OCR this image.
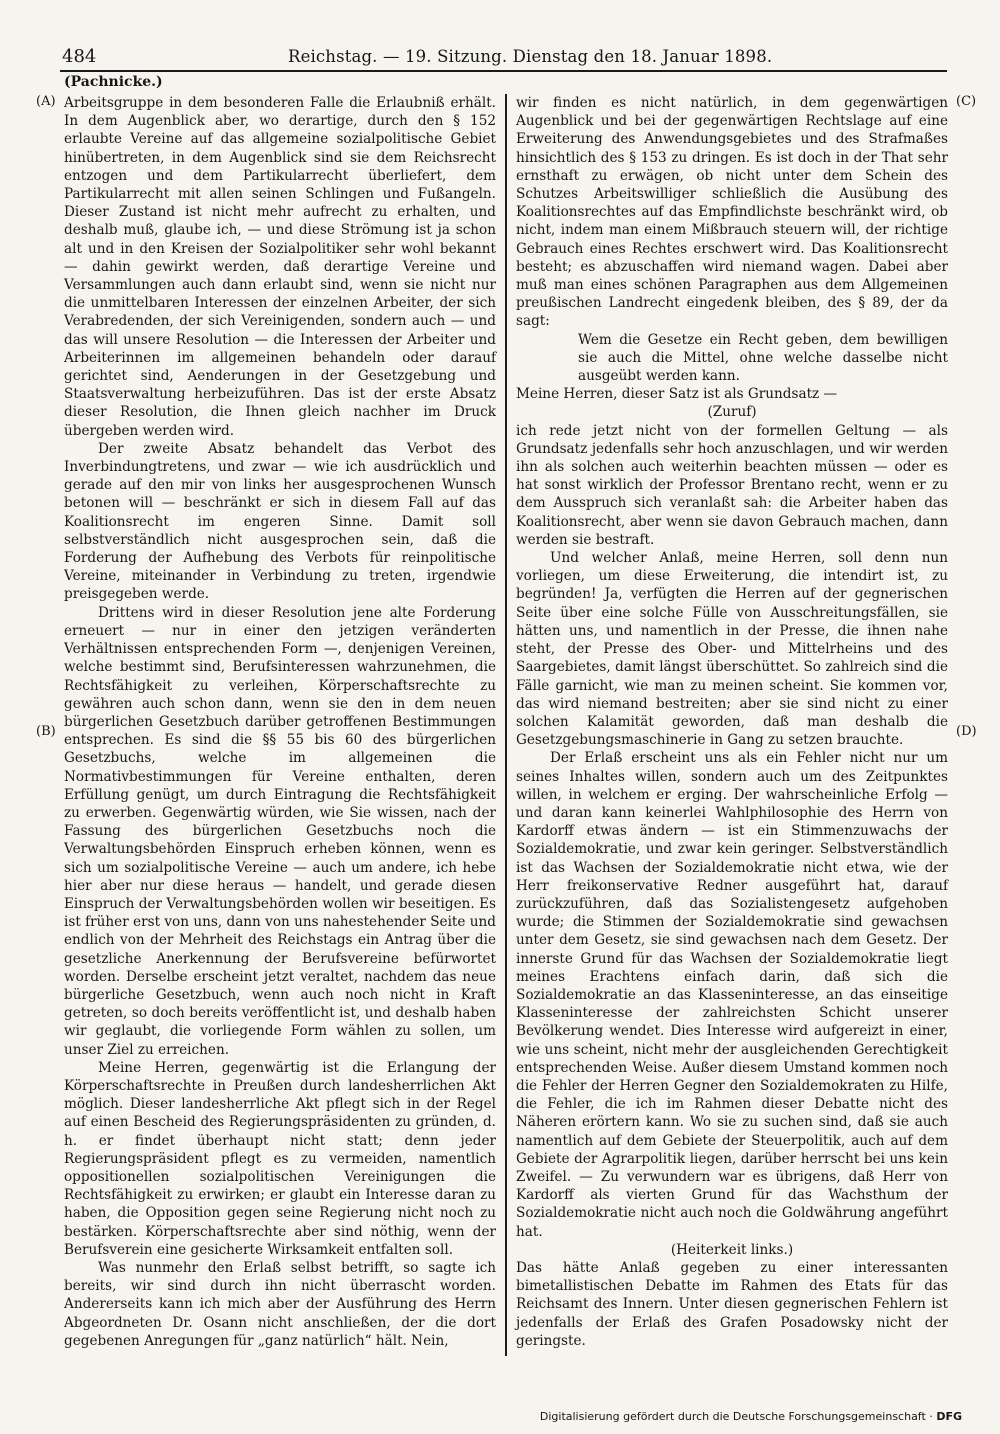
484	Reichstag. — 19. Sitzung. Dienstag den 18. Januar 1898.
(Pachnicke.)
(A)
(B)
(C)
(D)

Arbeitsgruppe in dem besonderen Falle die Erlaubniß erhält. In dem Augenblick aber, wo derartige, durch den § 152 erlaubte Vereine auf das allgemeine sozialpolitische Gebiet hinübertreten, in dem Augenblick sind sie dem Reichsrecht entzogen und dem Partikularrecht überliefert, dem Partikularrecht mit allen seinen Schlingen und Fußangeln. Dieser Zustand ist nicht mehr aufrecht zu erhalten, und deshalb muß, glaube ich, — und diese Strömung ist ja schon alt und in den Kreisen der Sozialpolitiker sehr wohl bekannt — dahin gewirkt werden, daß derartige Vereine und Versammlungen auch dann erlaubt sind, wenn sie nicht nur die unmittelbaren Interessen der einzelnen Arbeiter, der sich Verabredenden, der sich Vereinigenden, sondern auch — und das will unsere Resolution — die Interessen der Arbeiter und Arbeiterinnen im allgemeinen behandeln oder darauf gerichtet sind, Aenderungen in der Gesetzgebung und Staatsverwaltung herbeizuführen. Das ist der erste Absatz dieser Resolution, die Ihnen gleich nachher im Druck übergeben werden wird.

Der zweite Absatz behandelt das Verbot des Inverbindungtretens, und zwar — wie ich ausdrücklich und gerade auf den mir von links her ausgesprochenen Wunsch betonen will — beschränkt er sich in diesem Fall auf das Koalitionsrecht im engeren Sinne. Damit soll selbstverständlich nicht ausgesprochen sein, daß die Forderung der Aufhebung des Verbots für reinpolitische Vereine, miteinander in Verbindung zu treten, irgendwie preisgegeben werde.

Drittens wird in dieser Resolution jene alte Forderung erneuert — nur in einer den jetzigen veränderten Verhältnissen entsprechenden Form —, denjenigen Vereinen, welche bestimmt sind, Berufsinteressen wahrzunehmen, die Rechtsfähigkeit zu verleihen, Körperschaftsrechte zu gewähren auch schon dann, wenn sie den in dem neuen bürgerlichen Gesetzbuch darüber getroffenen Bestimmungen entsprechen. Es sind die §§ 55 bis 60 des bürgerlichen Gesetzbuchs, welche im allgemeinen die Normativbestimmungen für Vereine enthalten, deren Erfüllung genügt, um durch Eintragung die Rechtsfähigkeit zu erwerben. Gegenwärtig würden, wie Sie wissen, nach der Fassung des bürgerlichen Gesetzbuchs noch die Verwaltungsbehörden Einspruch erheben können, wenn es sich um sozialpolitische Vereine — auch um andere, ich hebe hier aber nur diese heraus — handelt, und gerade diesen Einspruch der Verwaltungsbehörden wollen wir beseitigen. Es ist früher erst von uns, dann von uns nahestehender Seite und endlich von der Mehrheit des Reichstags ein Antrag über die gesetzliche Anerkennung der Berufsvereine befürwortet worden. Derselbe erscheint jetzt veraltet, nachdem das neue bürgerliche Gesetzbuch, wenn auch noch nicht in Kraft getreten, so doch bereits veröffentlicht ist, und deshalb haben wir geglaubt, die vorliegende Form wählen zu sollen, um unser Ziel zu erreichen.

Meine Herren, gegenwärtig ist die Erlangung der Körperschaftsrechte in Preußen durch landesherrlichen Akt möglich. Dieser landesherrliche Akt pflegt sich in der Regel auf einen Bescheid des Regierungspräsidenten zu gründen, d. h. er findet überhaupt nicht statt; denn jeder Regierungspräsident pflegt es zu vermeiden, namentlich oppositionellen sozialpolitischen Vereinigungen die Rechtsfähigkeit zu erwirken; er glaubt ein Interesse daran zu haben, die Opposition gegen seine Regierung nicht noch zu bestärken. Körperschaftsrechte aber sind nöthig, wenn der Berufsverein eine gesicherte Wirksamkeit entfalten soll.

Was nunmehr den Erlaß selbst betrifft, so sagte ich bereits, wir sind durch ihn nicht überrascht worden. Andererseits kann ich mich aber der Ausführung des Herrn Abgeordneten Dr. Osann nicht anschließen, der die dort gegebenen Anregungen für „ganz natürlich“ hält. Nein,

wir finden es nicht natürlich, in dem gegenwärtigen Augenblick und bei der gegenwärtigen Rechtslage auf eine Erweiterung des Anwendungsgebietes und des Strafmaßes hinsichtlich des § 153 zu dringen. Es ist doch in der That sehr ernsthaft zu erwägen, ob nicht unter dem Schein des Schutzes Arbeitswilliger schließlich die Ausübung des Koalitionsrechtes auf das Empfindlichste beschränkt wird, ob nicht, indem man einem Mißbrauch steuern will, der richtige Gebrauch eines Rechtes erschwert wird. Das Koalitionsrecht besteht; es abzuschaffen wird niemand wagen. Dabei aber muß man eines schönen Paragraphen aus dem Allgemeinen preußischen Landrecht eingedenk bleiben, des § 89, der da sagt:

Wem die Gesetze ein Recht geben, dem bewilligen sie auch die Mittel, ohne welche dasselbe nicht ausgeübt werden kann.

Meine Herren, dieser Satz ist als Grundsatz —

(Zuruf)

ich rede jetzt nicht von der formellen Geltung — als Grundsatz jedenfalls sehr hoch anzuschlagen, und wir werden ihn als solchen auch weiterhin beachten müssen — oder es hat sonst wirklich der Professor Brentano recht, wenn er zu dem Ausspruch sich veranlaßt sah: die Arbeiter haben das Koalitionsrecht, aber wenn sie davon Gebrauch machen, dann werden sie bestraft.

Und welcher Anlaß, meine Herren, soll denn nun vorliegen, um diese Erweiterung, die intendirt ist, zu begründen! Ja, verfügten die Herren auf der gegnerischen Seite über eine solche Fülle von Ausschreitungsfällen, sie hätten uns, und namentlich in der Presse, die ihnen nahe steht, der Presse des Ober- und Mittelrheins und des Saargebietes, damit längst überschüttet. So zahlreich sind die Fälle garnicht, wie man zu meinen scheint. Sie kommen vor, das wird niemand bestreiten; aber sie sind nicht zu einer solchen Kalamität geworden, daß man deshalb die Gesetzgebungsmaschinerie in Gang zu setzen brauchte.

Der Erlaß erscheint uns als ein Fehler nicht nur um seines Inhaltes willen, sondern auch um des Zeitpunktes willen, in welchem er erging. Der wahrscheinliche Erfolg — und daran kann keinerlei Wahlphilosophie des Herrn von Kardorff etwas ändern — ist ein Stimmenzuwachs der Sozialdemokratie, und zwar kein geringer. Selbstverständlich ist das Wachsen der Sozialdemokratie nicht etwa, wie der Herr freikonservative Redner ausgeführt hat, darauf zurückzuführen, daß das Sozialistengesetz aufgehoben wurde; die Stimmen der Sozialdemokratie sind gewachsen unter dem Gesetz, sie sind gewachsen nach dem Gesetz. Der innerste Grund für das Wachsen der Sozialdemokratie liegt meines Erachtens einfach darin, daß sich die Sozialdemokratie an das Klasseninteresse, an das einseitige Klasseninteresse der zahlreichsten Schicht unserer Bevölkerung wendet. Dies Interesse wird aufgereizt in einer, wie uns scheint, nicht mehr der ausgleichenden Gerechtigkeit entsprechenden Weise. Außer diesem Umstand kommen noch die Fehler der Herren Gegner den Sozialdemokraten zu Hilfe, die Fehler, die ich im Rahmen dieser Debatte nicht des Näheren erörtern kann. Wo sie zu suchen sind, daß sie auch namentlich auf dem Gebiete der Steuerpolitik, auch auf dem Gebiete der Agrarpolitik liegen, darüber herrscht bei uns kein Zweifel. — Zu verwundern war es übrigens, daß Herr von Kardorff als vierten Grund für das Wachsthum der Sozialdemokratie nicht auch noch die Goldwährung angeführt hat.

(Heiterkeit links.)

Das hätte Anlaß gegeben zu einer interessanten bimetallistischen Debatte im Rahmen des Etats für das Reichsamt des Innern. Unter diesen gegnerischen Fehlern ist jedenfalls der Erlaß des Grafen Posadowsky nicht der geringste.

Digitalisierung gefördert durch die Deutsche Forschungsgemeinschaft · DFG
